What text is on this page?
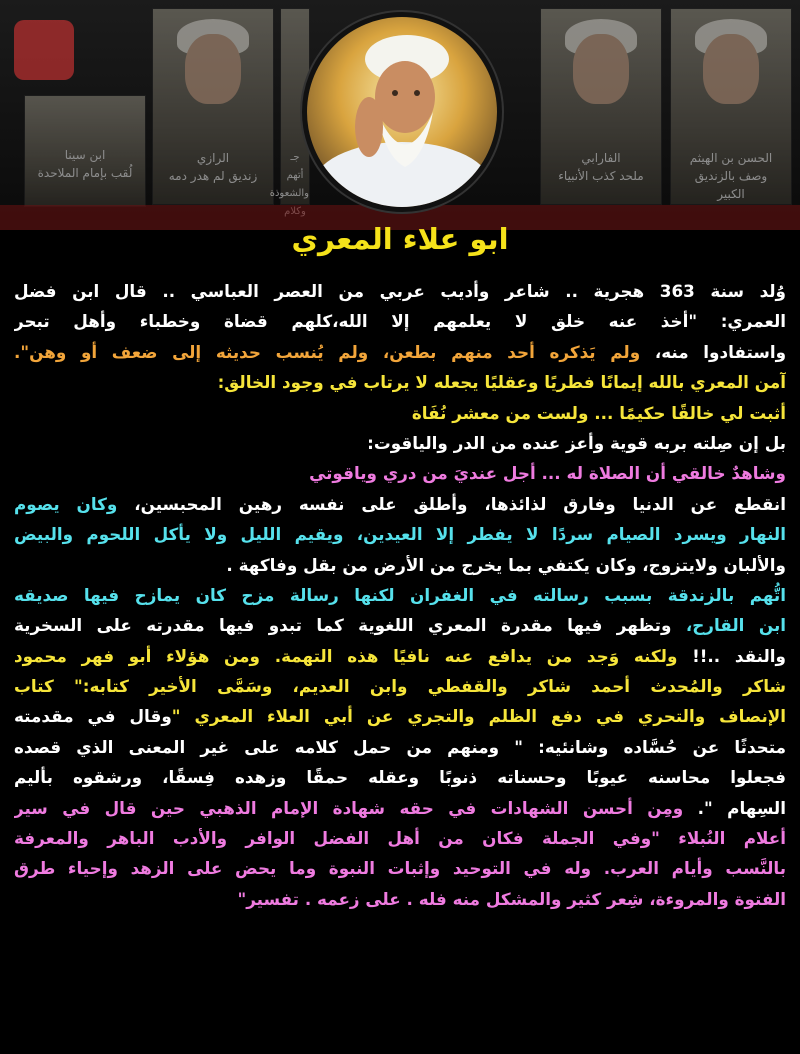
الرازي
زنديق لم هدر دمه
ابن سينا
لُقب بإمام الملاحدة
جـ
أتهم
والشعوذة
الفارابي
ملحد كذب الأنبياء
الحسن بن الهيثم
وصف بالزنديق
الكبير
ابو علاء المعري
وُلد سنة 363 هجرية .. شاعر وأديب عربي من العصر العباسي .. قال ابن فضل
العمري: "أخذ عنه خلق لا يعلمهم إلا الله،كلهم قضاة وخطباء وأهل تبحر
واستفادوا منه، ولم يَذكره أحد منهم بطعن، ولم يُنسب حديثه إلى ضعف أو وهن".
آمن المعري بالله إيمانًا فطريًا وعقليًا يجعله لا يرتاب في وجود الخالق:
أثبت لي خالقًا حكيمًا ... ولست من معشر نُفَاة
بل إن صِلته بربه قوية وأعز عنده من الدر والياقوت:
وشاهدٌ خالقي أن الصلاة له ... أجل عنديَ من دري وياقوتي
انقطع عن الدنيا وفارق لذائذها، وأطلق على نفسه رهين المحبسين، وكان يصوم
النهار ويسرد الصيام سردًا لا يفطر إلا العيدين، ويقيم الليل ولا يأكل اللحوم والبيض
والألبان ولايتزوج، وكان يكتفي بما يخرج من الأرض من بقل وفاكهة .
اتُّهم بالزندقة بسبب رسالته في الغفران لكنها رسالة مزح كان يمازح فيها صديقه
ابن القارح، وتظهر فيها مقدرة المعري اللغوية كما تبدو فيها مقدرته على السخرية
والنقد ..!! ولكنه وَجد من يدافع عنه نافيًا هذه التهمة. ومن هؤلاء أبو فهر محمود
شاكر والمُحدث أحمد شاكر والقفطي وابن العديم، وسَمَّى الأخير كتابه:" كتاب
الإنصاف والتحري في دفع الظلم والتجري عن أبي العلاء المعري "وقال في مقدمته
متحدثًا عن حُسَّاده وشانئيه: " ومنهم من حمل كلامه على غير المعنى الذي قصده
فجعلوا محاسنه عيوبًا وحسناته ذنوبًا وعقله حمقًا وزهده فِسقًا، ورشقوه بأليم
السِهام ". ومِن أحسن الشهادات في حقه شهادة الإمام الذهبي حين قال في سير
أعلام النُبلاء "وفي الجملة فكان من أهل الفضل الوافر والأدب الباهر والمعرفة
بالنَّسب وأيام العرب. وله في التوحيد وإثبات النبوة وما يحض على الزهد وإحياء طرق
الفتوة والمروءة، شِعر كثير والمشكل منه فله . على زعمه . تفسير"
